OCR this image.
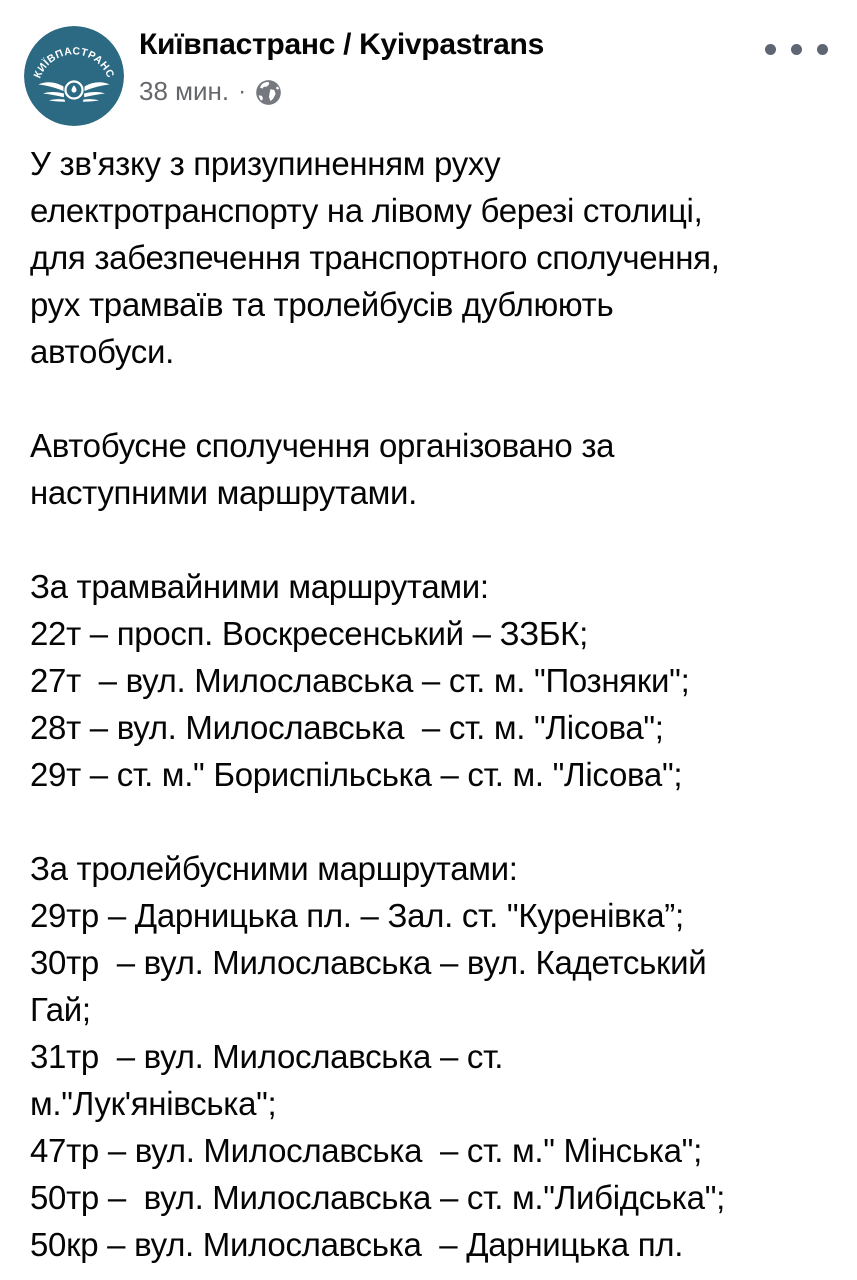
КИЇВПАСТРАНС
Київпастранс / Kyivpastrans
38 мин. ·
У зв'язку з призупиненням руху
електротранспорту на лівому березі столиці,
для забезпечення транспортного сполучення,
рух трамваїв та тролейбусів дублюють
автобуси.
Автобусне сполучення організовано за
наступними маршрутами.
За трамвайними маршрутами:
22т – просп. Воскресенський – ЗЗБК;
27т  – вул. Милославська – ст. м. "Позняки";
28т – вул. Милославська  – ст. м. "Лісова";
29т – ст. м." Бориспільська – ст. м. "Лісова";
За тролейбусними маршрутами:
29тр – Дарницька пл. – Зал. ст. "Куренівка”;
30тр  – вул. Милославська – вул. Кадетський
Гай;
31тр  – вул. Милославська – ст.
м."Лук'янівська";
47тр – вул. Милославська  – ст. м." Мінська";
50тр –  вул. Милославська – ст. м."Либідська";
50кр – вул. Милославська  – Дарницька пл.
